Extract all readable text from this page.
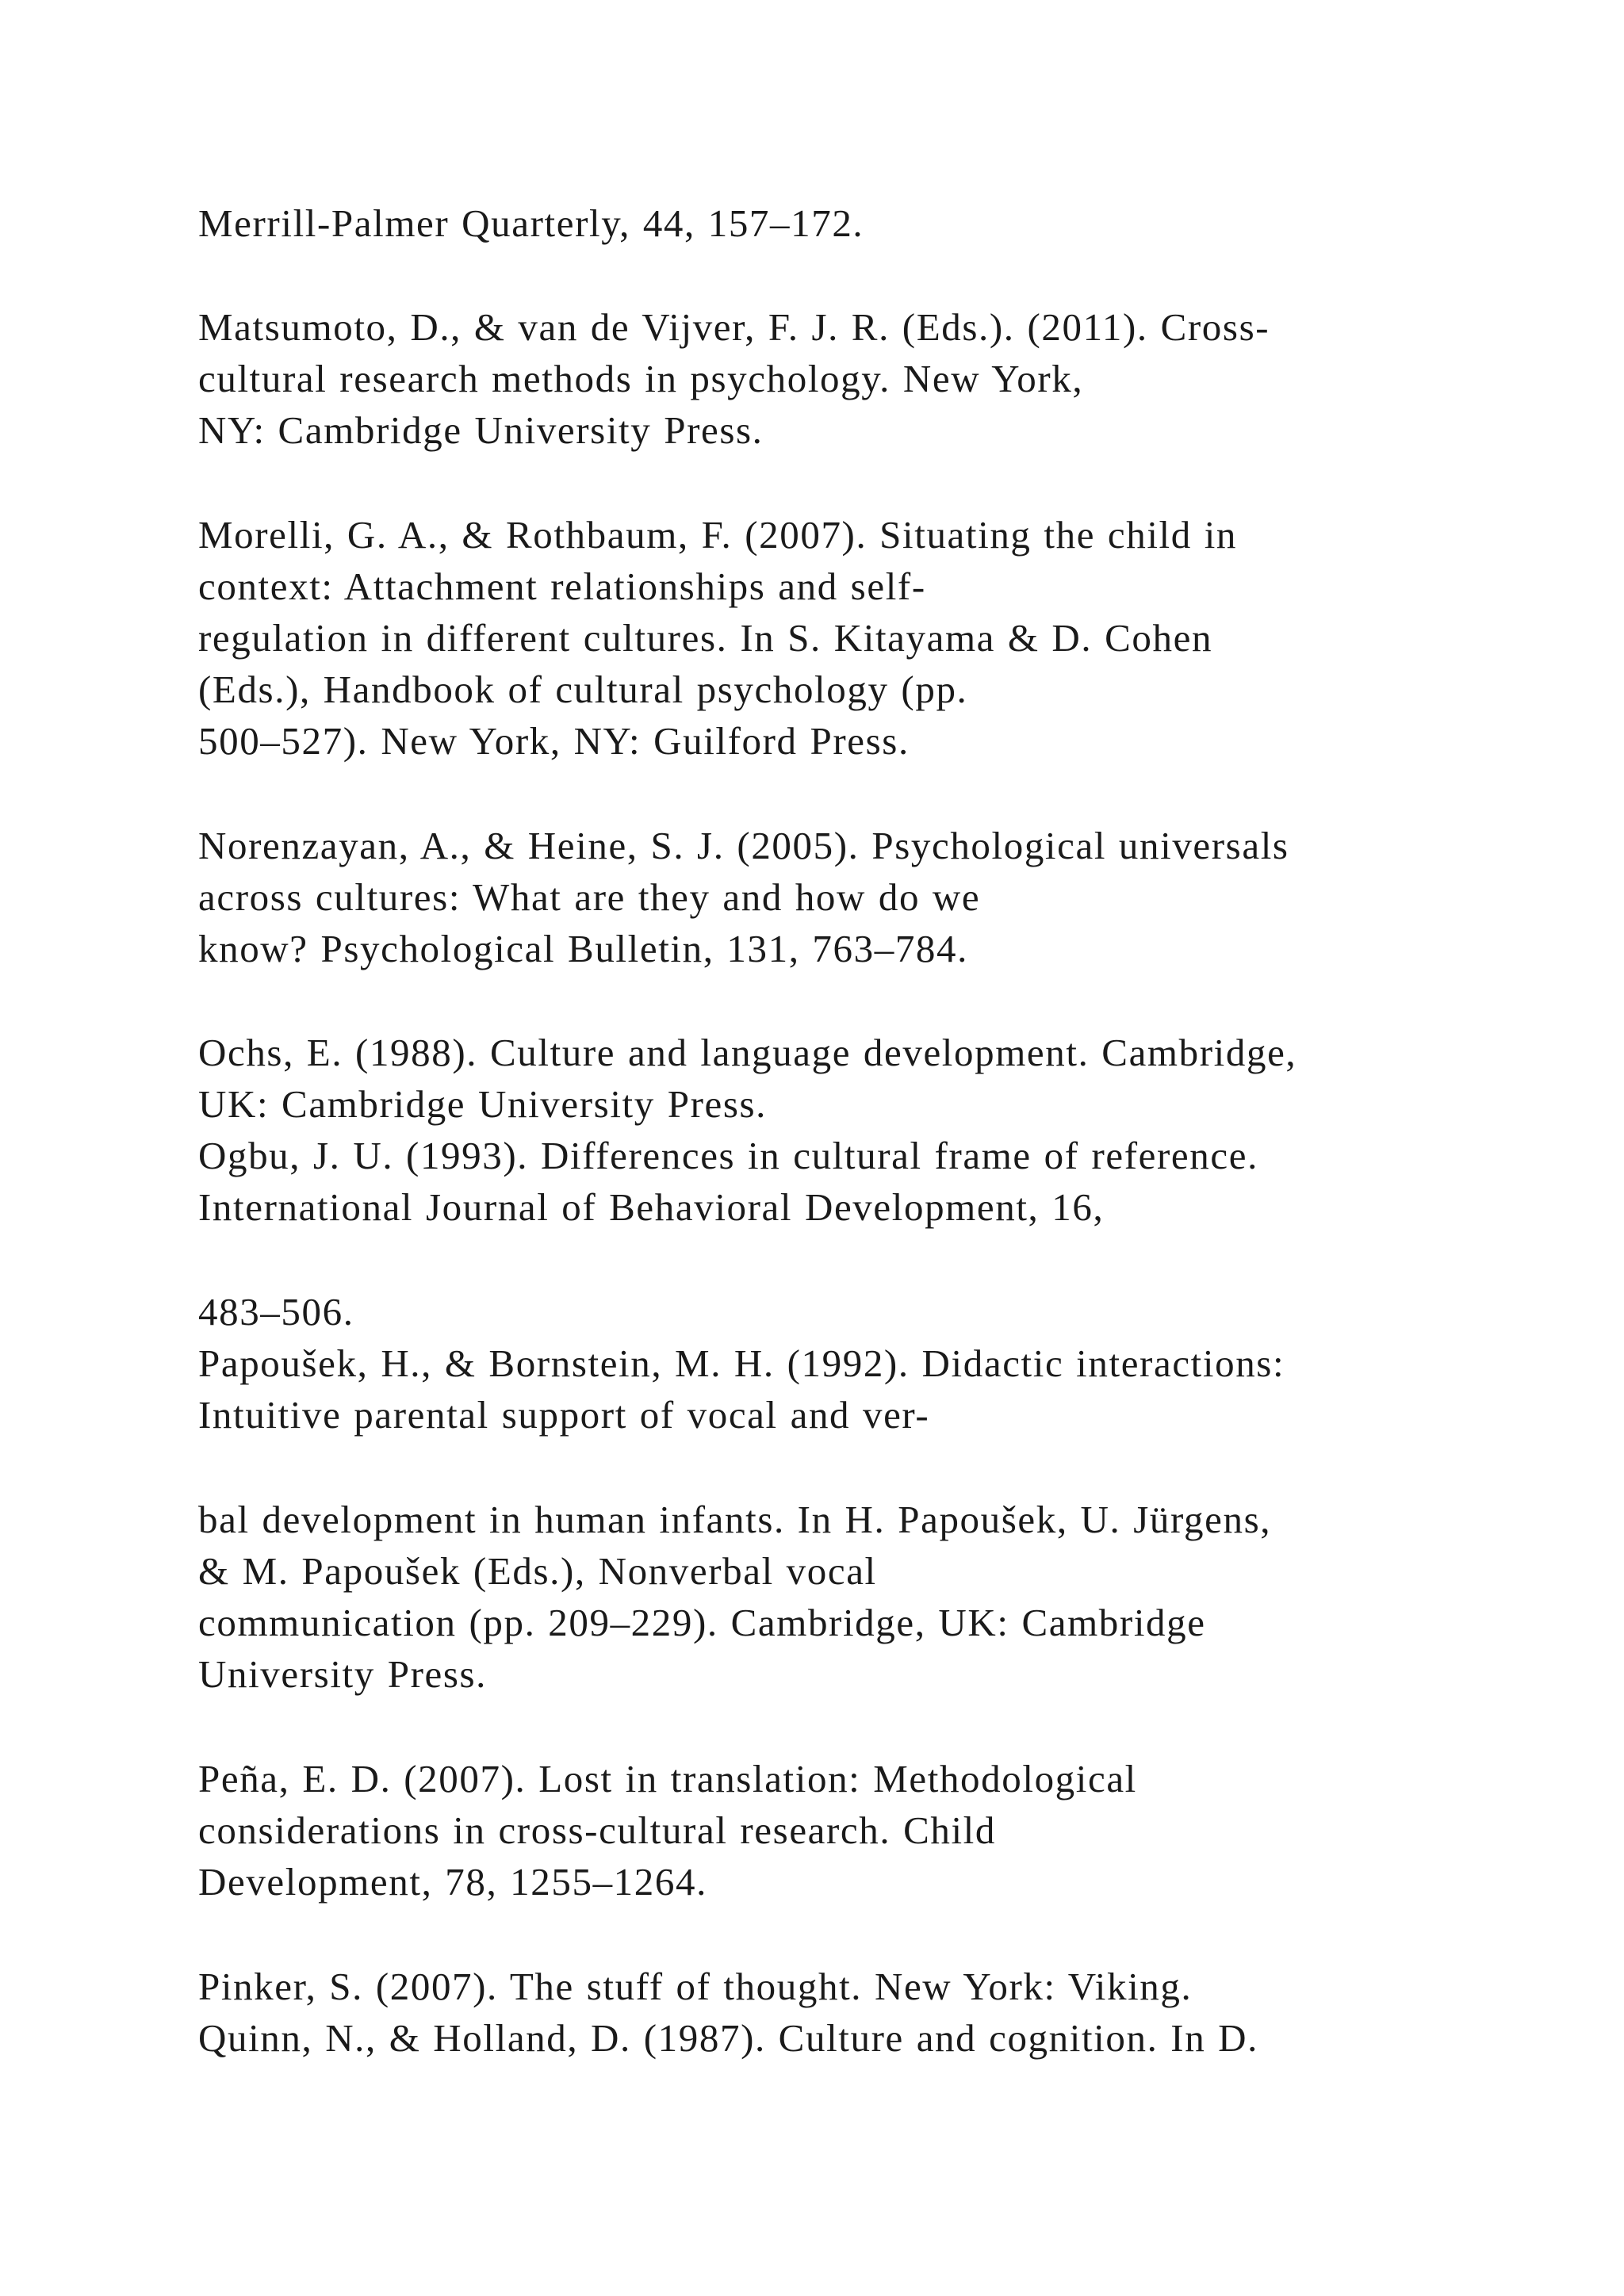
Merrill-Palmer Quarterly, 44, 157–172.
Matsumoto, D., & van de Vijver, F. J. R. (Eds.). (2011). Cross-
cultural research methods in psychology. New York,
NY: Cambridge University Press.
Morelli, G. A., & Rothbaum, F. (2007). Situating the child in
context: Attachment relationships and self-
regulation in different cultures. In S. Kitayama & D. Cohen
(Eds.), Handbook of cultural psychology (pp.
500–527). New York, NY: Guilford Press.
Norenzayan, A., & Heine, S. J. (2005). Psychological universals
across cultures: What are they and how do we
know? Psychological Bulletin, 131, 763–784.
Ochs, E. (1988). Culture and language development. Cambridge,
UK: Cambridge University Press.
Ogbu, J. U. (1993). Differences in cultural frame of reference.
International Journal of Behavioral Development, 16,
483–506.
Papoušek, H., & Bornstein, M. H. (1992). Didactic interactions:
Intuitive parental support of vocal and ver-
bal development in human infants. In H. Papoušek, U. Jürgens,
& M. Papoušek (Eds.), Nonverbal vocal
communication (pp. 209–229). Cambridge, UK: Cambridge
University Press.
Peña, E. D. (2007). Lost in translation: Methodological
considerations in cross-cultural research. Child
Development, 78, 1255–1264.
Pinker, S. (2007). The stuff of thought. New York: Viking.
Quinn, N., & Holland, D. (1987). Culture and cognition. In D.
